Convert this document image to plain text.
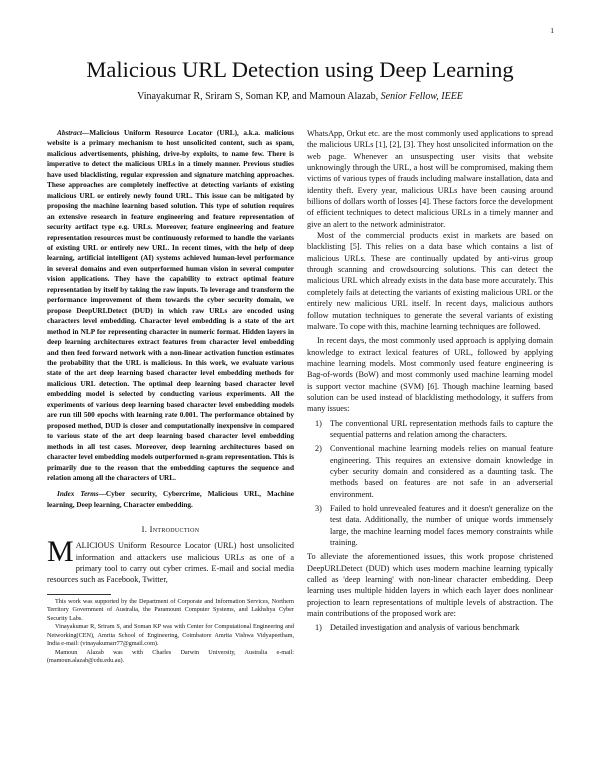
1
Malicious URL Detection using Deep Learning
Vinayakumar R, Sriram S, Soman KP, and Mamoun Alazab, Senior Fellow, IEEE

Abstract—Malicious Uniform Resource Locator (URL), a.k.a. malicious website is a primary mechanism to host unsolicited content, such as spam, malicious advertisements, phishing, drive-by exploits, to name few. There is imperative to detect the malicious URLs in a timely manner. Previous studies have used blacklisting, regular expression and signature matching approaches. These approaches are completely ineffective at detecting variants of existing malicious URL or entirely newly found URL. This issue can be mitigated by proposing the machine learning based solution. This type of solution requires an extensive research in feature engineering and feature representation of security artifact type e.g. URLs. Moreover, feature engineering and feature representation resources must be continuously reformed to handle the variants of existing URL or entirely new URL. In recent times, with the help of deep learning, artificial intelligent (AI) systems achieved human-level performance in several domains and even outperformed human vision in several computer vision applications. They have the capability to extract optimal feature representation by itself by taking the raw inputs. To leverage and transform the performance improvement of them towards the cyber security domain, we propose DeepURLDetect (DUD) in which raw URLs are encoded using characters level embedding. Character level embedding is a state of the art method in NLP for representing character in numeric format. Hidden layers in deep learning architectures extract features from character level embedding and then feed forward network with a non-linear activation function estimates the probability that the URL is malicious. In this work, we evaluate various state of the art deep learning based character level embedding methods for malicious URL detection. The optimal deep learning based character level embedding model is selected by conducting various experiments. All the experiments of various deep learning based character level embedding models are run till 500 epochs with learning rate 0.001. The performance obtained by proposed method, DUD is closer and computationally inexpensive in compared to various state of the art deep learning based character level embedding methods in all test cases. Moreover, deep learning architectures based on character level embedding models outperformed n-gram representation. This is primarily due to the reason that the embedding captures the sequence and relation among all the characters of URL.

Index Terms—Cyber security, Cybercrime, Malicious URL, Machine learning, Deep learning, Character embedding.

I. Introduction

MALICIOUS Uniform Resource Locator (URL) host unsolicited information and attackers use malicious URLs as one of a primary tool to carry out cyber crimes. E-mail and social media resources such as Facebook, Twitter,

This work was supported by the Department of Corporate and Information Services, Northern Territory Government of Australia, the Paramount Computer Systems, and Lakhshya Cyber Security Labs.

Vinayakumar R, Sriram S, and Soman KP was with Center for Computational Engineering and Networking(CEN), Amrita School of Engineering, Coimbatore Amrita Vishwa Vidyapeetham, India e-mail: (vinayakumarr77@gmail.com).

Mamoun Alazab was with Charles Darwin University, Australia e-mail: (mamoun.alazab@cdu.edu.au).

WhatsApp, Orkut etc. are the most commonly used applications to spread the malicious URLs [1], [2], [3]. They host unsolicited information on the web page. Whenever an unsuspecting user visits that website unknowingly through the URL, a host will be compromised, making them victims of various types of frauds including malware installation, data and identity theft. Every year, malicious URLs have been causing around billions of dollars worth of losses [4]. These factors force the development of efficient techniques to detect malicious URLs in a timely manner and give an alert to the network administrator.

Most of the commercial products exist in markets are based on blacklisting [5]. This relies on a data base which contains a list of malicious URLs. These are continually updated by anti-virus group through scanning and crowdsourcing solutions. This can detect the malicious URL which already exists in the data base more accurately. This completely fails at detecting the variants of existing malicious URL or the entirely new malicious URL itself. In recent days, malicious authors follow mutation techniques to generate the several variants of existing malware. To cope with this, machine learning techniques are followed.

In recent days, the most commonly used approach is applying domain knowledge to extract lexical features of URL, followed by applying machine learning models. Most commonly used feature engineering is Bag-of-words (BoW) and most commonly used machine learning model is support vector machine (SVM) [6]. Though machine learning based solution can be used instead of blacklisting methodology, it suffers from many issues:

1) The conventional URL representation methods fails to capture the sequential patterns and relation among the characters.
2) Conventional machine learning models relies on manual feature engineering. This requires an extensive domain knowledge in cyber security domain and considered as a daunting task. The methods based on features are not safe in an adverserial environment.
3) Failed to hold unrevealed features and it doesn't generalize on the test data. Additionally, the number of unique words immensely large, the machine learning model faces memory constraints while training.

To alleviate the aforementioned issues, this work propose christened DeepURLDetect (DUD) which uses modern machine learning typically called as 'deep learning' with non-linear character embedding. Deep learning uses multiple hidden layers in which each layer does nonlinear projection to learn representations of multiple levels of abstraction. The main contributions of the proposed work are:

1) Detailed investigation and analysis of various benchmark
